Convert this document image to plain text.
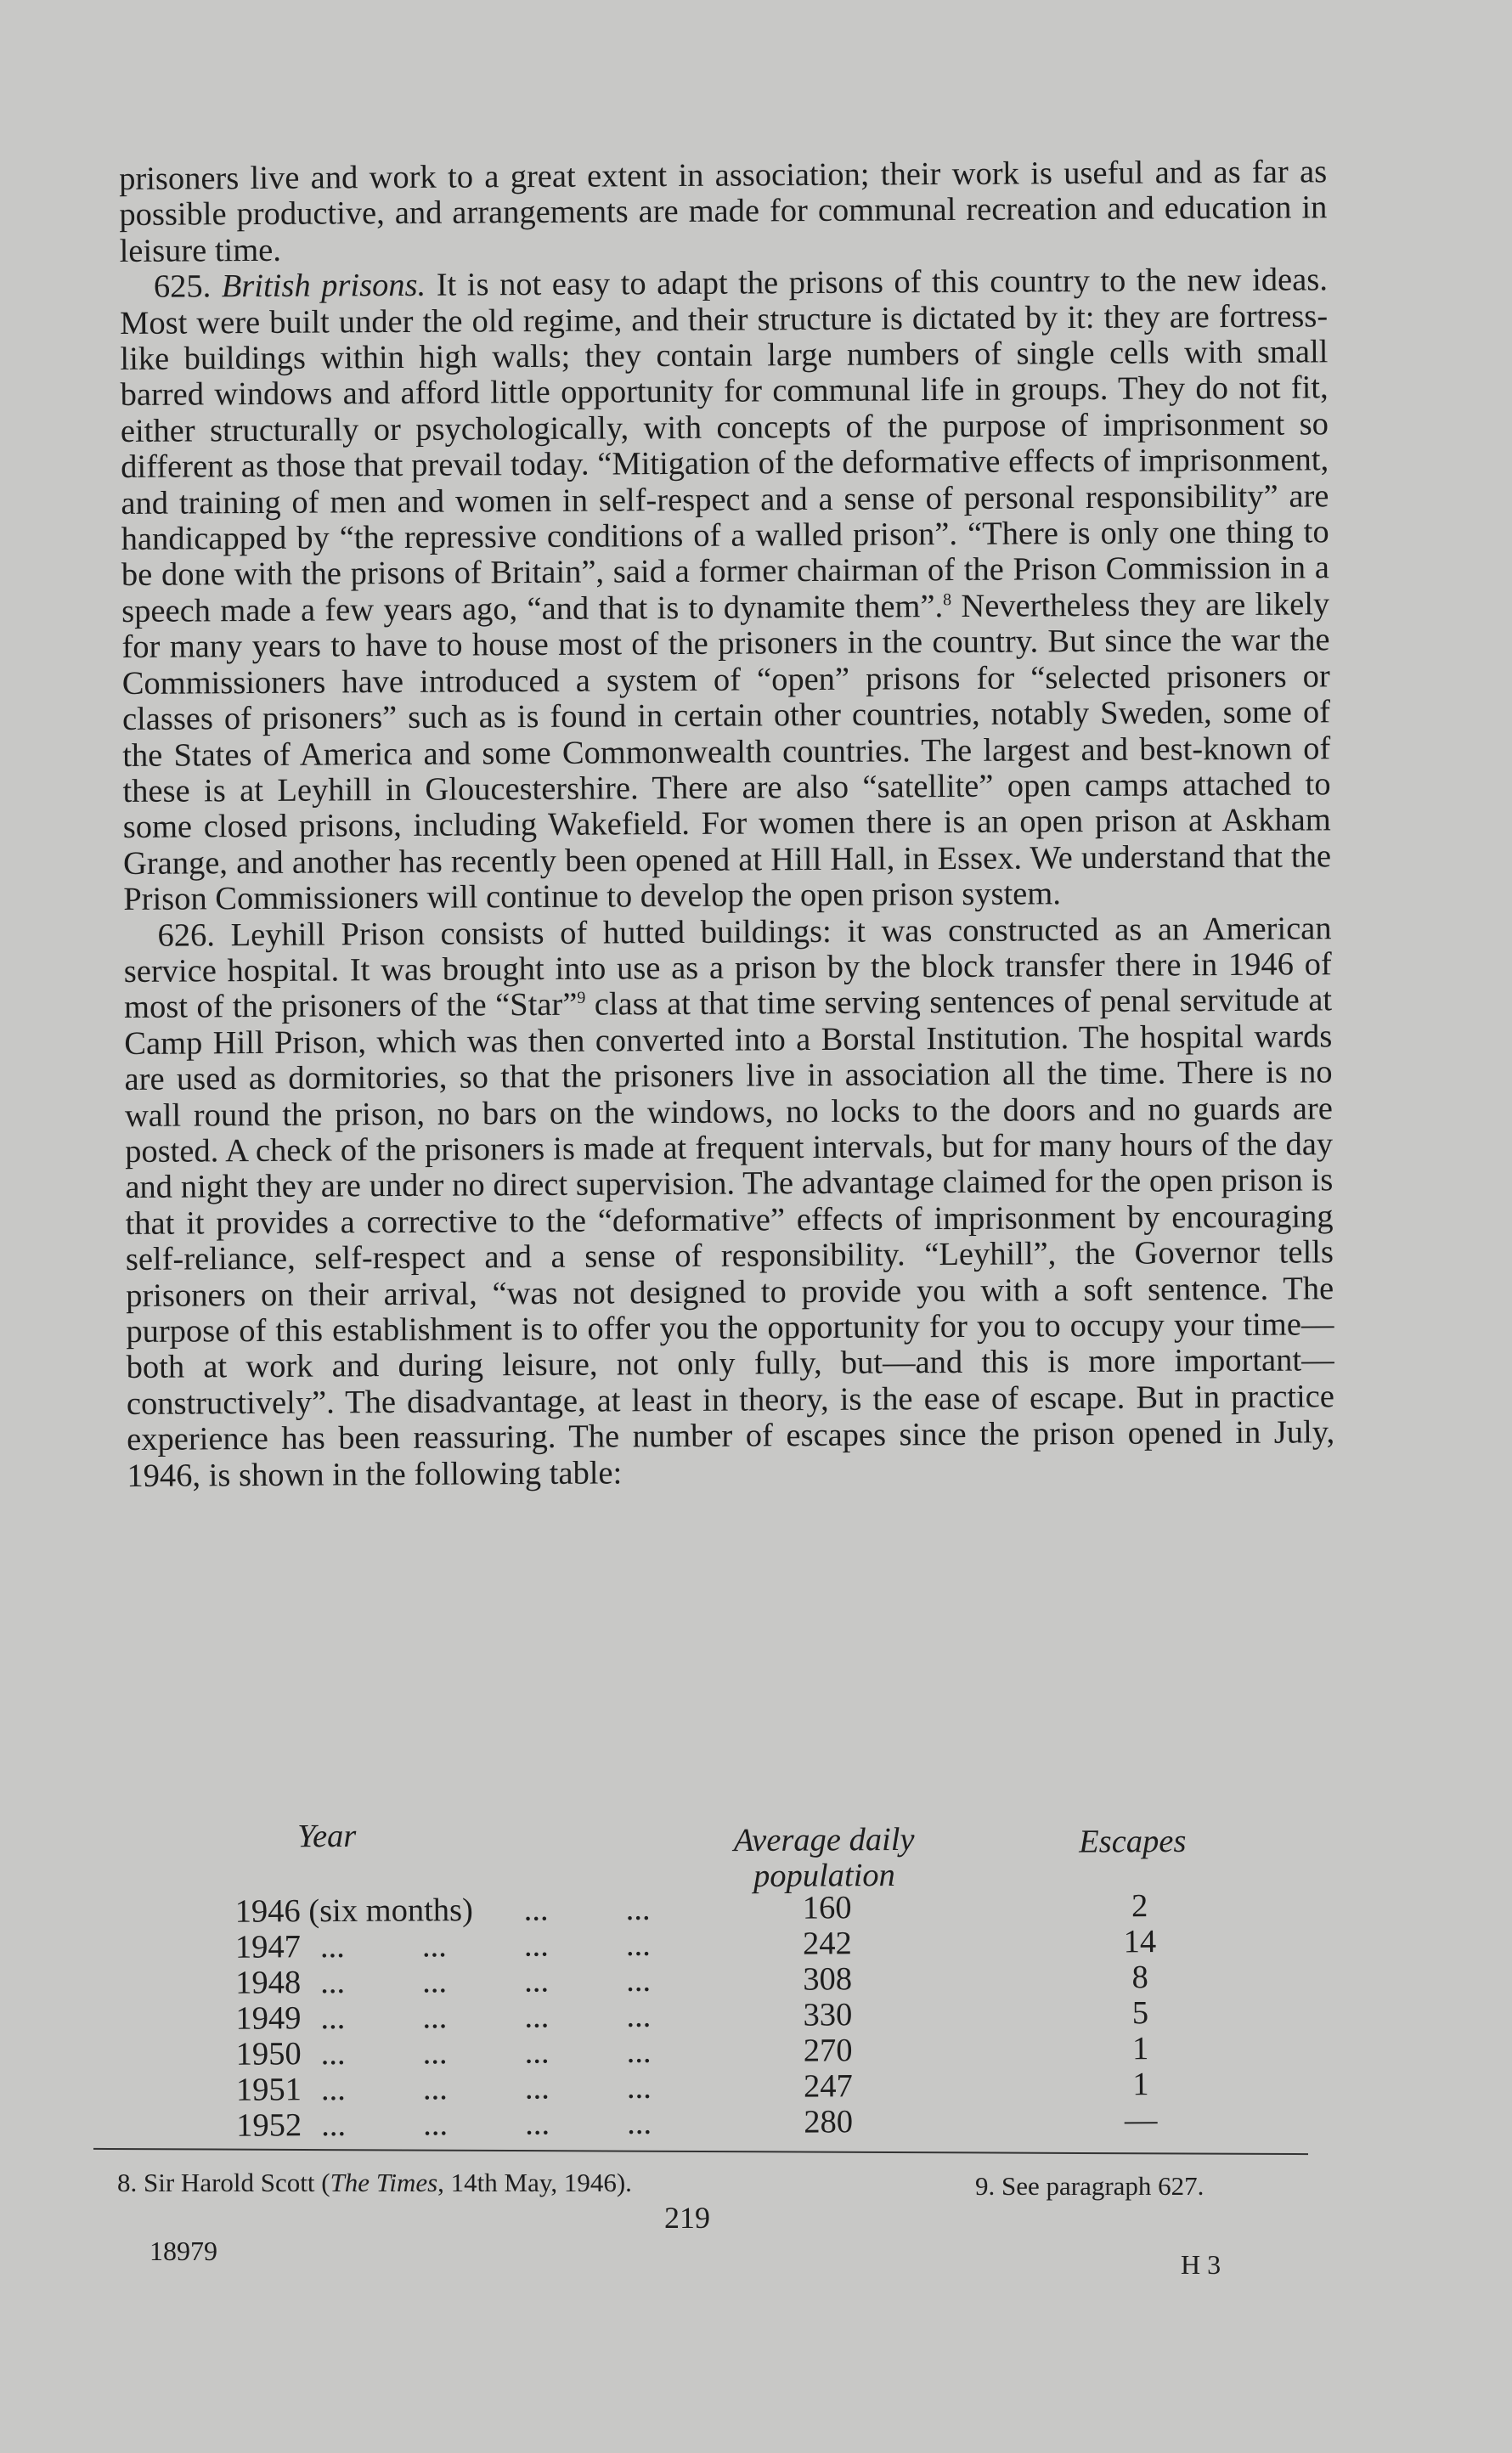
prisoners live and work to a great extent in association; their work is useful and as far as possible productive, and arrangements are made for communal recreation and education in leisure time.

625. British prisons. It is not easy to adapt the prisons of this country to the new ideas. Most were built under the old regime, and their structure is dictated by it: they are fortress-like buildings within high walls; they contain large numbers of single cells with small barred windows and afford little opportunity for communal life in groups. They do not fit, either structurally or psychologically, with concepts of the purpose of imprisonment so different as those that prevail today. “Mitigation of the deformative effects of imprisonment, and training of men and women in self-respect and a sense of personal responsibility” are handicapped by “the repressive conditions of a walled prison”. “There is only one thing to be done with the prisons of Britain”, said a former chairman of the Prison Commission in a speech made a few years ago, “and that is to dynamite them”.$^8$ Nevertheless they are likely for many years to have to house most of the prisoners in the country. But since the war the Commissioners have introduced a system of “open” prisons for “selected prisoners or classes of prisoners” such as is found in certain other countries, notably Sweden, some of the States of America and some Commonwealth countries. The largest and best-known of these is at Leyhill in Gloucestershire. There are also “satellite” open camps attached to some closed prisons, including Wakefield. For women there is an open prison at Askham Grange, and another has recently been opened at Hill Hall, in Essex. We understand that the Prison Commissioners will continue to develop the open prison system.

626. Leyhill Prison consists of hutted buildings: it was constructed as an American service hospital. It was brought into use as a prison by the block transfer there in 1946 of most of the prisoners of the “Star”$^9$ class at that time serving sentences of penal servitude at Camp Hill Prison, which was then converted into a Borstal Institution. The hospital wards are used as dormitories, so that the prisoners live in association all the time. There is no wall round the prison, no bars on the windows, no locks to the doors and no guards are posted. A check of the prisoners is made at frequent intervals, but for many hours of the day and night they are under no direct supervision. The advantage claimed for the open prison is that it provides a corrective to the “deformative” effects of imprisonment by encouraging self-reliance, self-respect and a sense of responsibility. “Leyhill”, the Governor tells prisoners on their arrival, “was not designed to provide you with a soft sentence. The purpose of this establishment is to offer you the opportunity for you to occupy your time—both at work and during leisure, not only fully, but—and this is more important—constructively”. The disadvantage, at least in theory, is the ease of escape. But in practice experience has been reassuring. The number of escapes since the prison opened in July, 1946, is shown in the following table:

Year	Average daily
population
Escapes
1946 (six months) ... ...	160	2
1947 ... ... ... ...	242	14
1948 ... ... ... ...	308	8
1949 ... ... ... ...	330	5
1950 ... ... ... ...	270	1
1951 ... ... ... ...	247	1
1952 ... ... ... ...	280	—
8. Sir Harold Scott (The Times, 14th May, 1946).	9. See paragraph 627.
219
18979	H 3
